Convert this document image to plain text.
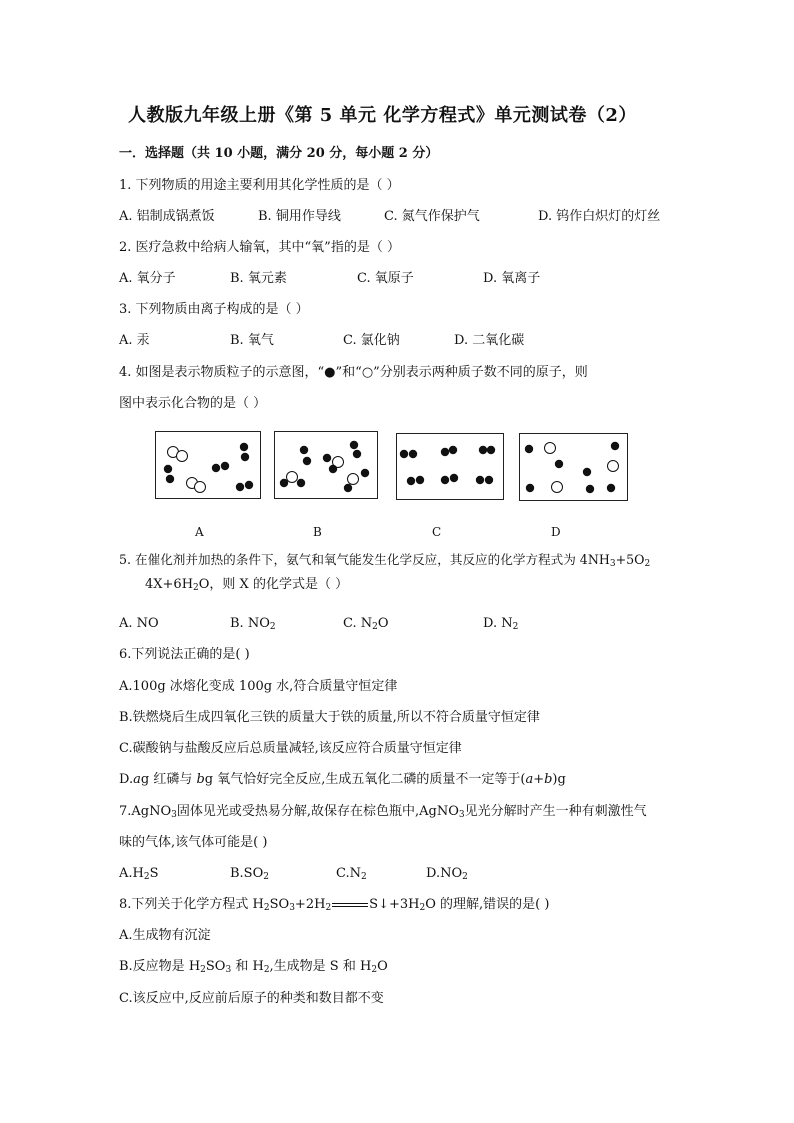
人教版九年级上册《第 5 单元 化学方程式》单元测试卷（2）
一．选择题（共 10 小题，满分 20 分，每小题 2 分）
1. 下列物质的用途主要利用其化学性质的是（ ）
A. 铝制成锅煮饭	B. 铜用作导线	C. 氮气作保护气	D. 钨作白炽灯的灯丝
2. 医疗急救中给病人输氧，其中“氧”指的是（ ）
A. 氧分子	B. 氧元素	C. 氧原子	D. 氧离子
3. 下列物质由离子构成的是（ ）
A. 汞	B. 氧气	C. 氯化钠	D. 二氧化碳
4. 如图是表示物质粒子的示意图，“●”和“○”分别表示两种质子数不同的原子，则
图中表示化合物的是（ ）
A	B	C	D
5. 在催化剂并加热的条件下，氨气和氧气能发生化学反应，其反应的化学方程式为 $4NH_3+5O_2$
$4X+6H_2O$，则 X 的化学式是（ ）
A. NO	B. $NO_2$	C. $N_2O$	D. $N_2$
6.下列说法正确的是( )
A.100g 冰熔化变成 100g 水,符合质量守恒定律
B.铁燃烧后生成四氧化三铁的质量大于铁的质量,所以不符合质量守恒定律
C.碳酸钠与盐酸反应后总质量减轻,该反应符合质量守恒定律
D.ag 红磷与 bg 氧气恰好完全反应,生成五氧化二磷的质量不一定等于(a+b)g
7.AgNO$_3$固体见光或受热易分解,故保存在棕色瓶中,AgNO$_3$见光分解时产生一种有刺激性气
味的气体,该气体可能是( )
$A.H_2S$	$B.SO_2$	$C.N_2$	$D.NO_2$
8.下列关于化学方程式 $H_2SO_3+2H_2$	$S↓+3H_2O$ 的理解,错误的是( )
A.生成物有沉淀
B.反应物是 $H_2SO_3$ 和 $H_2$,生成物是 S 和 $H_2O$
C.该反应中,反应前后原子的种类和数目都不变
